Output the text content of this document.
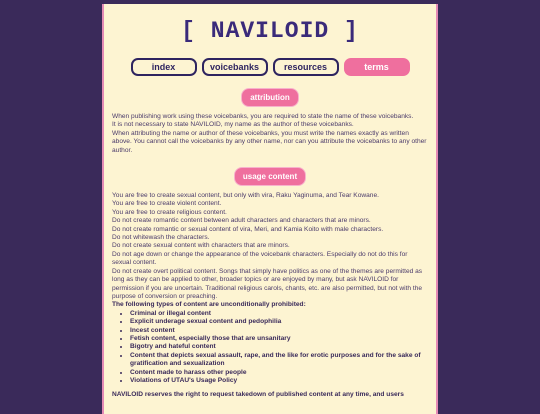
[ NAVILOID ]
index	voicebanks	resources	terms
attribution

When publishing work using these voicebanks, you are required to state the name of these voicebanks.

It is not necessary to state NAVILOID, my name as the author of these voicebanks.

When attributing the name or author of these voicebanks, you must write the names exactly as written above. You cannot call the voicebanks by any other name, nor can you attribute the voicebanks to any other author.

usage content

You are free to create sexual content, but only with vira, Raku Yaginuma, and Tear Kowane.

You are free to create violent content.

You are free to create religious content.

Do not create romantic content between adult characters and characters that are minors.

Do not create romantic or sexual content of vira, Meri, and Kamia Koito with male characters.

Do not whitewash the characters.

Do not create sexual content with characters that are minors.

Do not age down or change the appearance of the voicebank characters. Especially do not do this for sexual content.

Do not create overt political content. Songs that simply have politics as one of the themes are permitted as long as they can be applied to other, broader topics or are enjoyed by many, but ask NAVILOID for permission if you are uncertain. Traditional religious carols, chants, etc. are also permitted, but not with the purpose of conversion or preaching.

The following types of content are unconditionally prohibited:

• Criminal or illegal content
• Explicit underage sexual content and pedophilia
• Incest content
• Fetish content, especially those that are unsanitary
• Bigotry and hateful content
• Content that depicts sexual assault, rape, and the like for erotic purposes and for the sake of gratification and sexualization
• Content made to harass other people
• Violations of UTAU's Usage Policy

NAVILOID reserves the right to request takedown of published content at any time, and users
